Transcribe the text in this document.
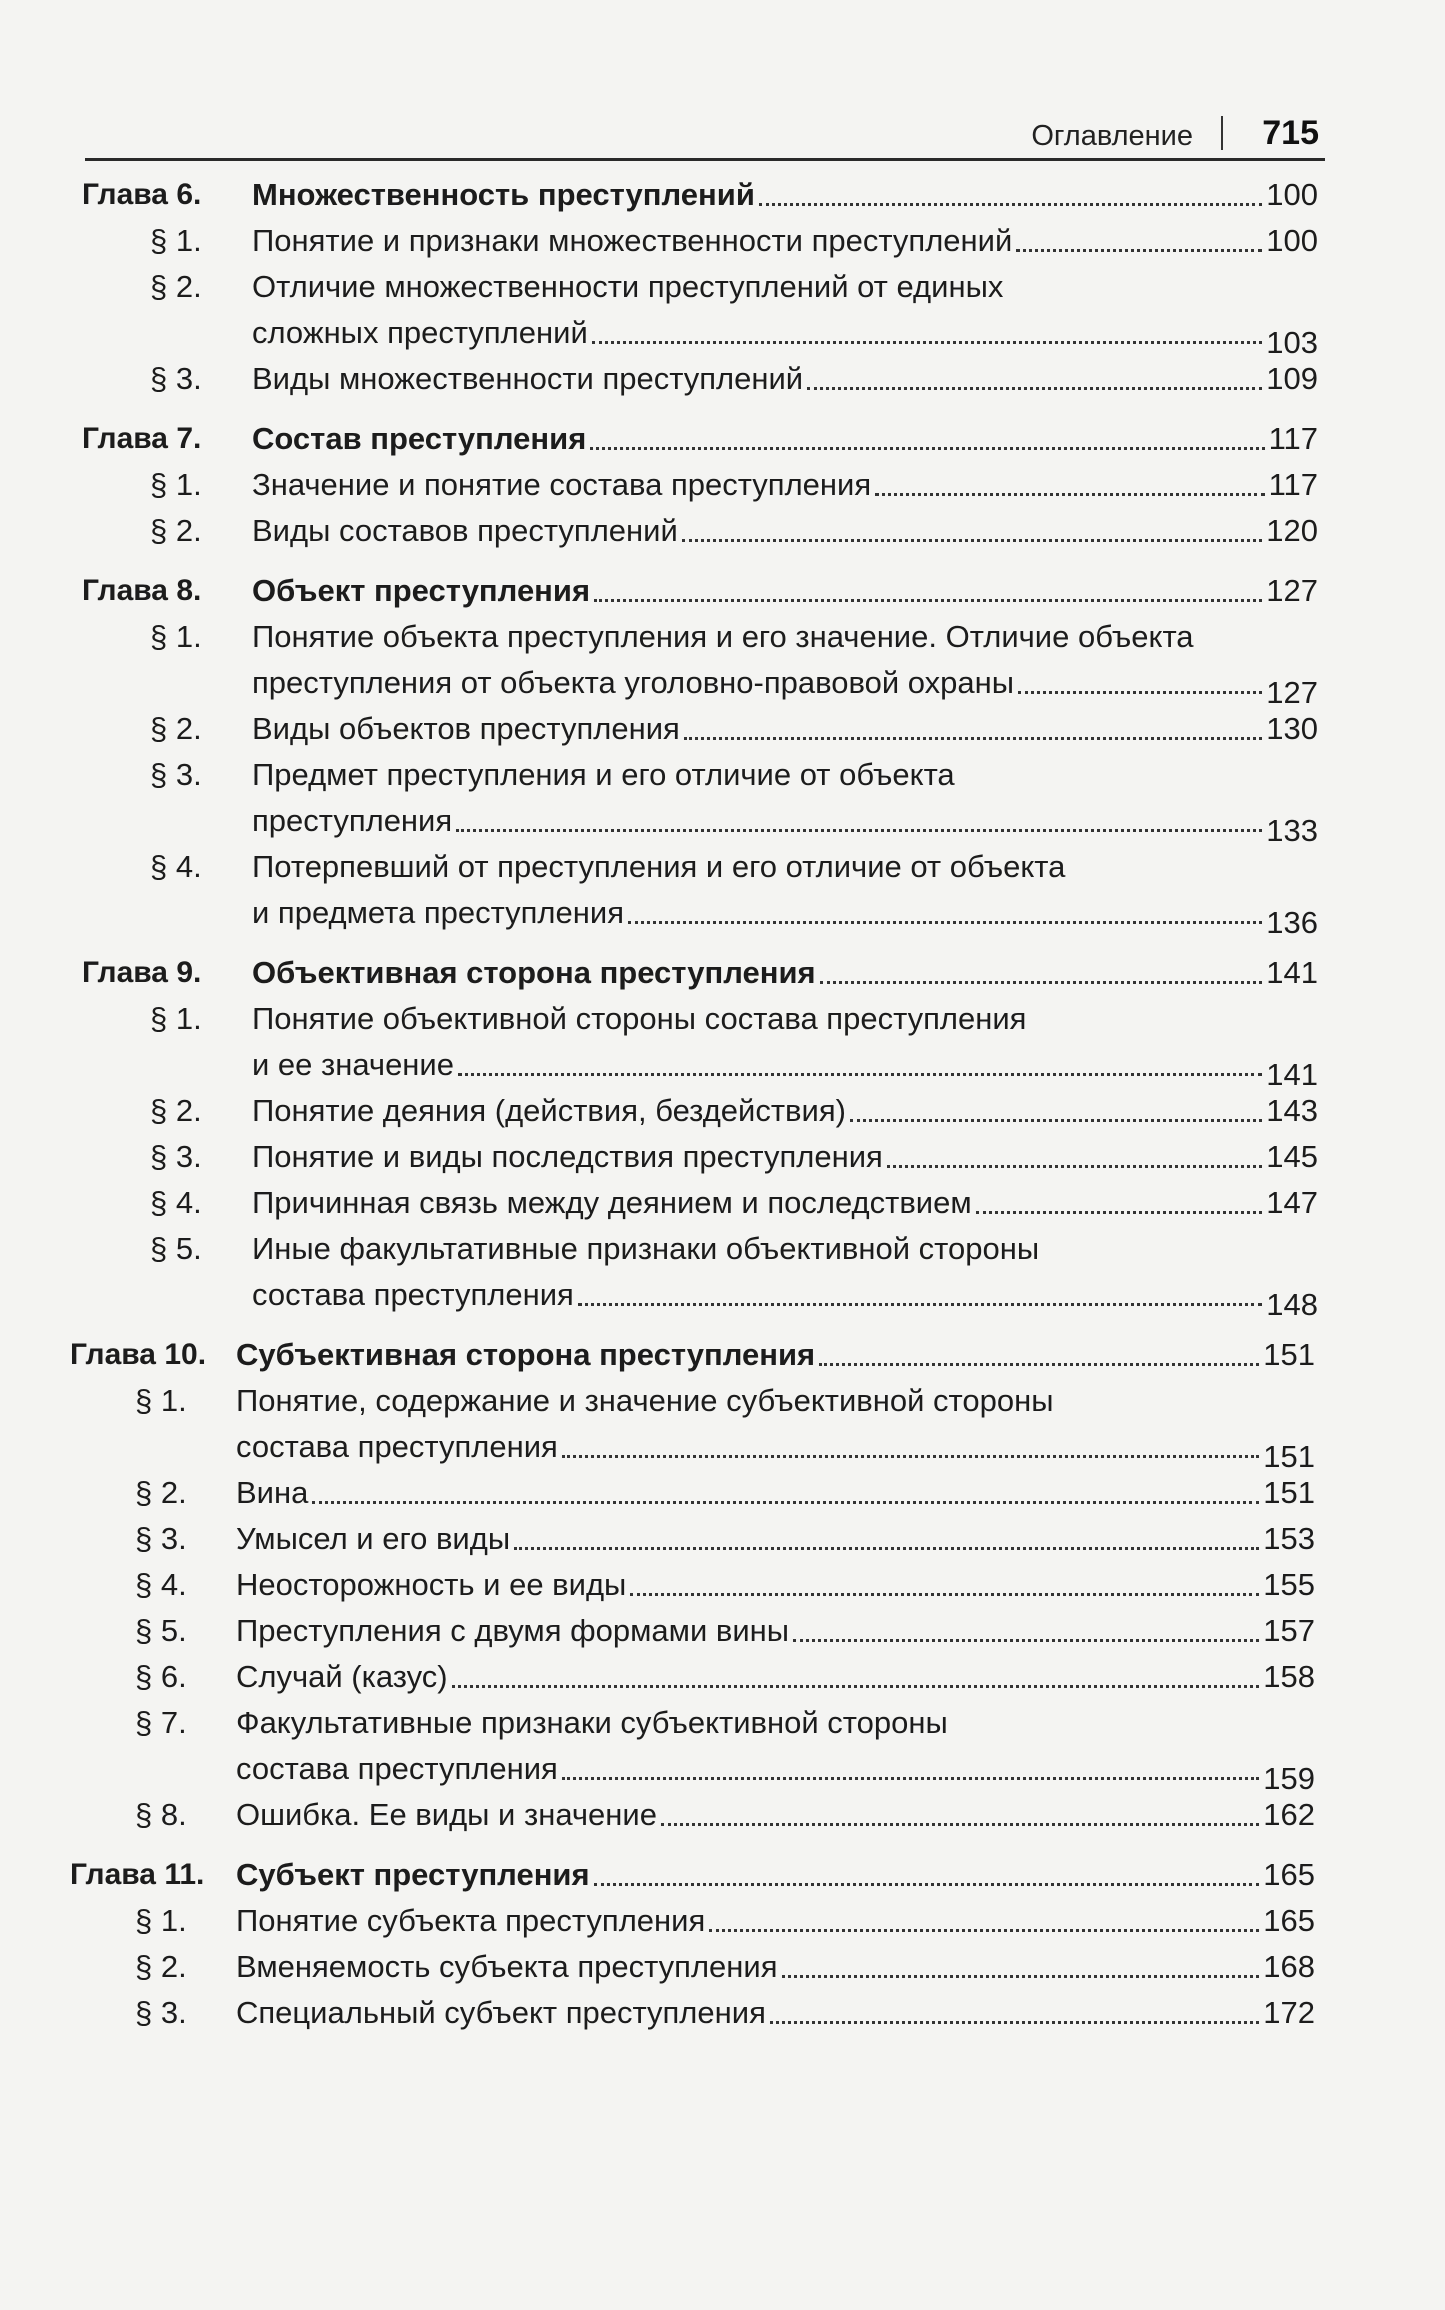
Оглавление 715
Глава 6. Множественность преступлений	100
§ 1. Понятие и признаки множественности преступлений	100
§ 2. Отличие множественности преступлений от единых
сложных преступлений	103
§ 3. Виды множественности преступлений	109
Глава 7. Состав преступления	117
§ 1. Значение и понятие состава преступления	117
§ 2. Виды составов преступлений	120
Глава 8. Объект преступления	127
§ 1. Понятие объекта преступления и его значение. Отличие объекта
преступления от объекта уголовно-правовой охраны	127
§ 2. Виды объектов преступления	130
§ 3. Предмет преступления и его отличие от объекта
преступления	133
§ 4. Потерпевший от преступления и его отличие от объекта
и предмета преступления	136
Глава 9. Объективная сторона преступления	141
§ 1. Понятие объективной стороны состава преступления
и ее значение	141
§ 2. Понятие деяния (действия, бездействия)	143
§ 3. Понятие и виды последствия преступления	145
§ 4. Причинная связь между деянием и последствием	147
§ 5. Иные факультативные признаки объективной стороны
состава преступления	148
Глава 10. Субъективная сторона преступления	151
§ 1. Понятие, содержание и значение субъективной стороны
состава преступления	151
§ 2. Вина	151
§ 3. Умысел и его виды	153
§ 4. Неосторожность и ее виды	155
§ 5. Преступления с двумя формами вины	157
§ 6. Случай (казус)	158
§ 7. Факультативные признаки субъективной стороны
состава преступления	159
§ 8. Ошибка. Ее виды и значение	162
Глава 11. Субъект преступления	165
§ 1. Понятие субъекта преступления	165
§ 2. Вменяемость субъекта преступления	168
§ 3. Специальный субъект преступления	172
